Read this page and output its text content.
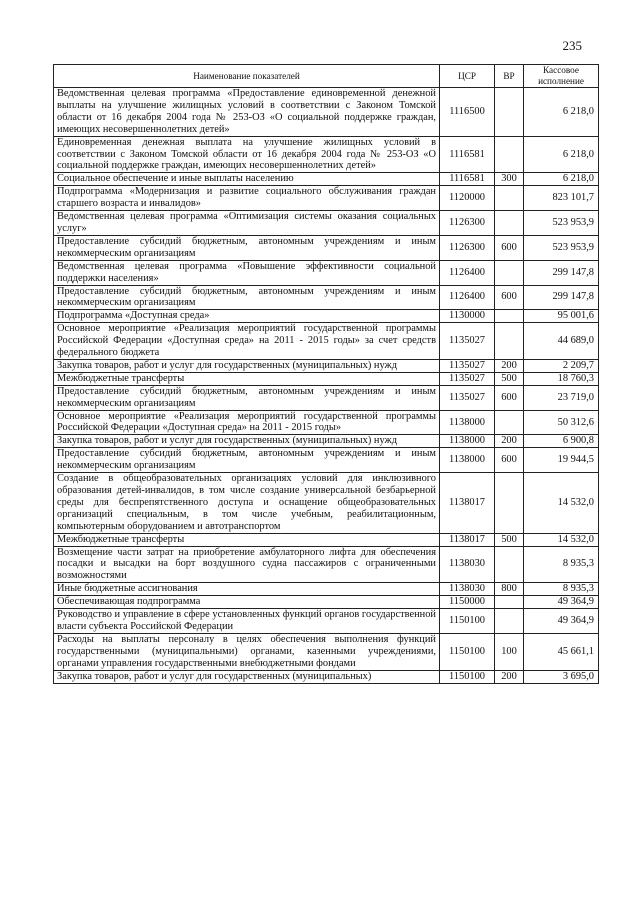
235
Наименование показателей	ЦСР	ВР	Кассовое исполнение
Ведомственная целевая программа «Предоставление единовременной денежной выплаты на улучшение жилищных условий в соответствии с Законом Томской области от 16 декабря 2004 года № 253-ОЗ «О социальной поддержке граждан, имеющих несовершеннолетних детей»	1116500		6 218,0
Единовременная денежная выплата на улучшение жилищных условий в соответствии с Законом Томской области от 16 декабря 2004 года № 253-ОЗ «О социальной поддержке граждан, имеющих несовершеннолетних детей»	1116581		6 218,0
Социальное обеспечение и иные выплаты населению	1116581	300	6 218,0
Подпрограмма «Модернизация и развитие социального обслуживания граждан старшего возраста и инвалидов»	1120000		823 101,7
Ведомственная целевая программа «Оптимизация системы оказания социальных услуг»	1126300		523 953,9
Предоставление субсидий бюджетным, автономным учреждениям и иным некоммерческим организациям	1126300	600	523 953,9
Ведомственная целевая программа «Повышение эффективности социальной поддержки населения»	1126400		299 147,8
Предоставление субсидий бюджетным, автономным учреждениям и иным некоммерческим организациям	1126400	600	299 147,8
Подпрограмма «Доступная среда»	1130000		95 001,6
Основное мероприятие «Реализация мероприятий государственной программы Российской Федерации «Доступная среда» на 2011 - 2015 годы» за счет средств федерального бюджета	1135027		44 689,0
Закупка товаров, работ и услуг для государственных (муниципальных) нужд	1135027	200	2 209,7
Межбюджетные трансферты	1135027	500	18 760,3
Предоставление субсидий бюджетным, автономным учреждениям и иным некоммерческим организациям	1135027	600	23 719,0
Основное мероприятие «Реализация мероприятий государственной программы Российской Федерации «Доступная среда» на 2011 - 2015 годы»	1138000		50 312,6
Закупка товаров, работ и услуг для государственных (муниципальных) нужд	1138000	200	6 900,8
Предоставление субсидий бюджетным, автономным учреждениям и иным некоммерческим организациям	1138000	600	19 944,5
Создание в общеобразовательных организациях условий для инклюзивного образования детей-инвалидов, в том числе создание универсальной безбарьерной среды для беспрепятственного доступа и оснащение общеобразовательных организаций специальным, в том числе учебным, реабилитационным, компьютерным оборудованием и автотранспортом	1138017		14 532,0
Межбюджетные трансферты	1138017	500	14 532,0
Возмещение части затрат на приобретение амбулаторного лифта для обеспечения посадки и высадки на борт воздушного судна пассажиров с ограниченными возможностями	1138030		8 935,3
Иные бюджетные ассигнования	1138030	800	8 935,3
Обеспечивающая подпрограмма	1150000		49 364,9
Руководство и управление в сфере установленных функций органов государственной власти субъекта Российской Федерации	1150100		49 364,9
Расходы на выплаты персоналу в целях обеспечения выполнения функций государственными (муниципальными) органами, казенными учреждениями, органами управления государственными внебюджетными фондами	1150100	100	45 661,1
Закупка товаров, работ и услуг для государственных (муниципальных)	1150100	200	3 695,0
